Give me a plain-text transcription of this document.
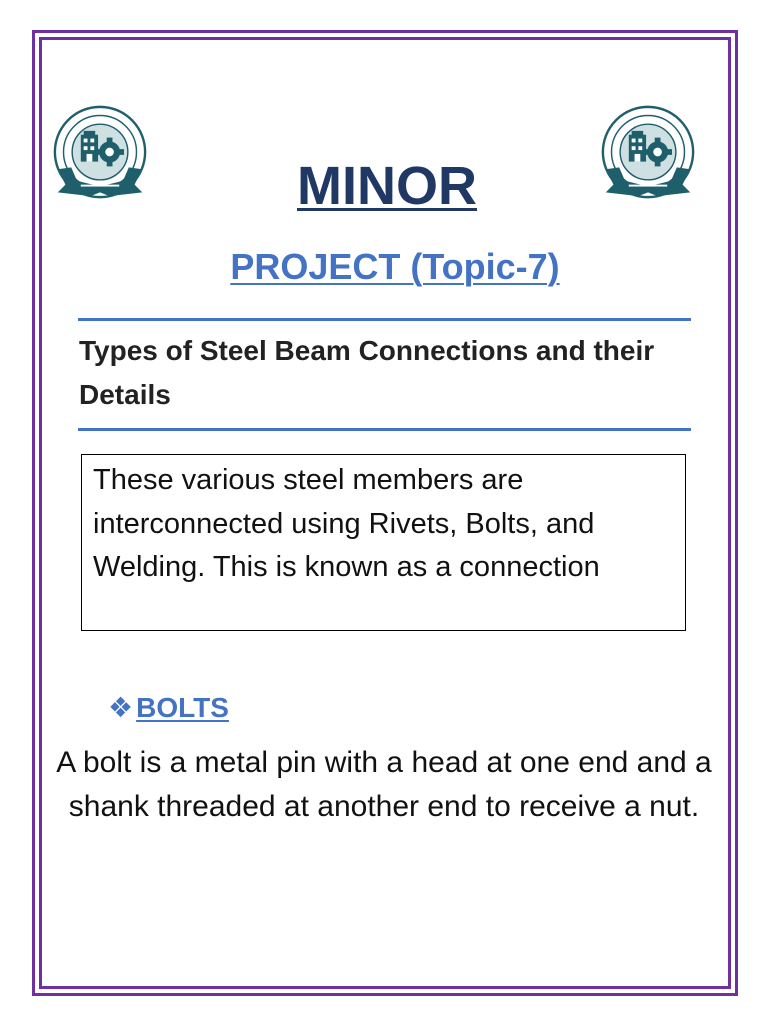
MINOR
PROJECT (Topic-7)
Types of Steel Beam Connections and their Details
These various steel members are interconnected using Rivets, Bolts, and Welding. This is known as a connection
❖ BOLTS
A bolt is a metal pin with a head at one end and a shank threaded at another end to receive a nut.
